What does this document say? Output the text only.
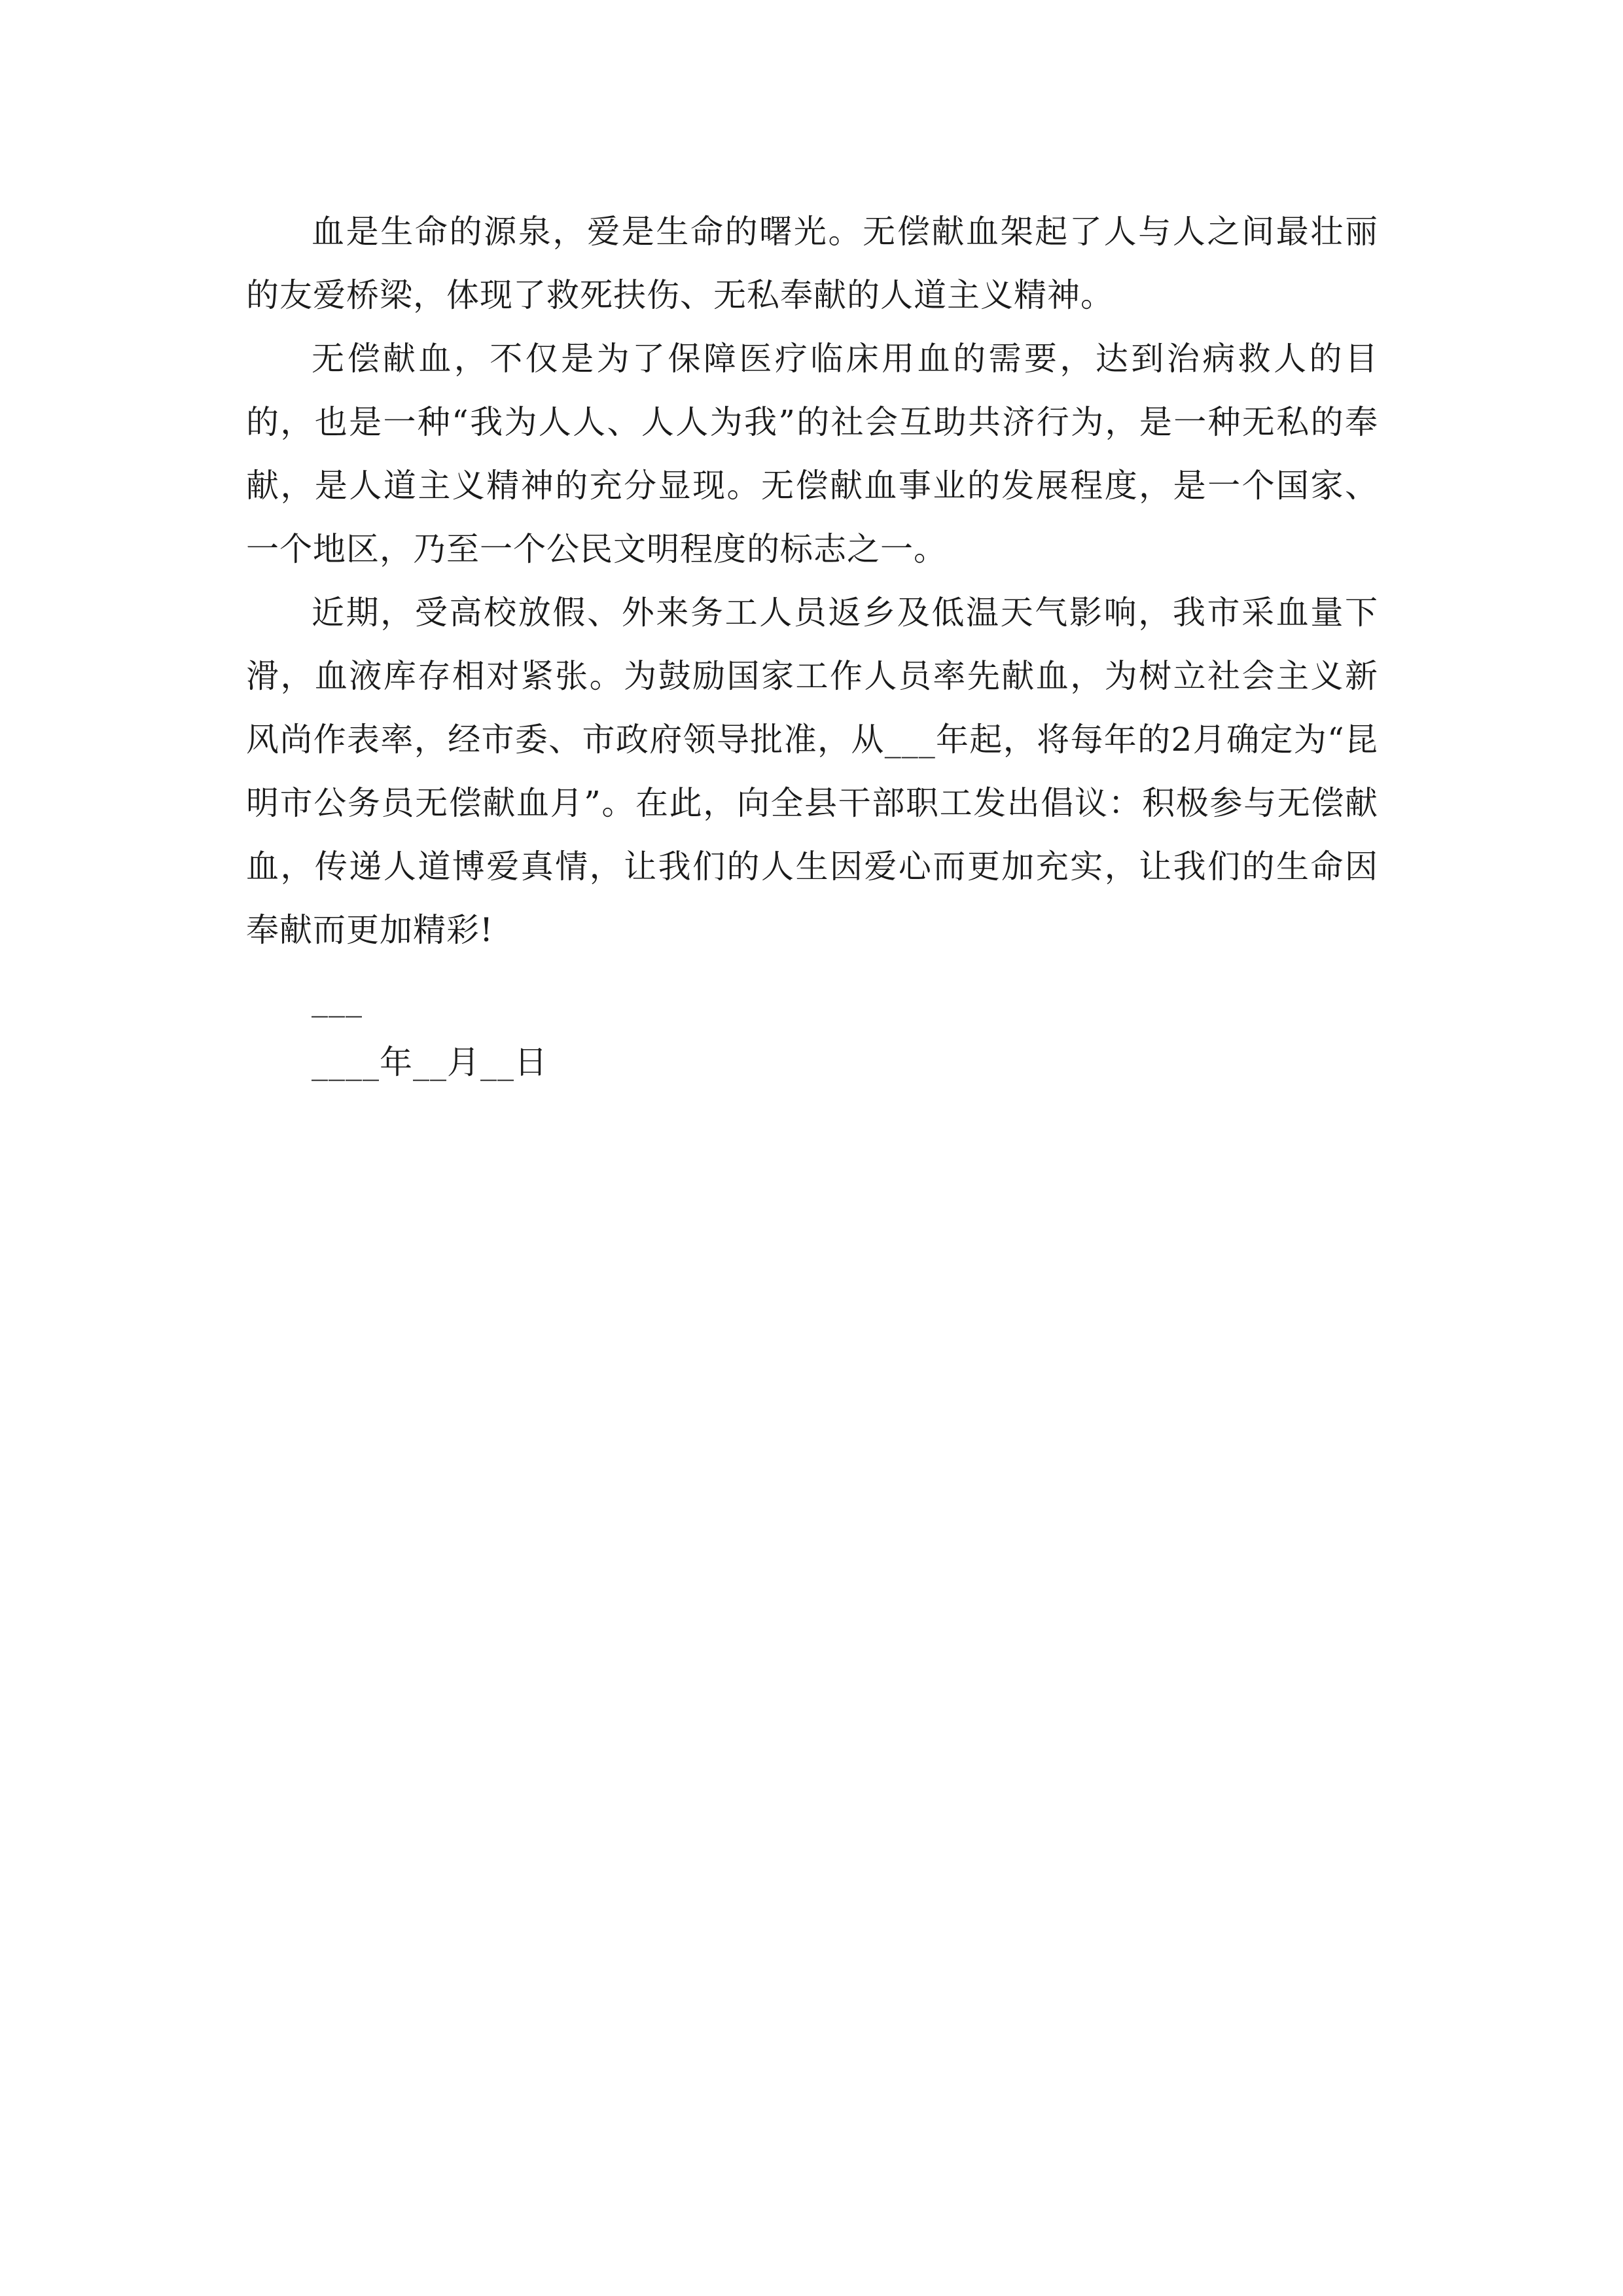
血是生命的源泉，爱是生命的曙光。无偿献血架起了人与人之间最壮丽的友爱桥梁，体现了救死扶伤、无私奉献的人道主义精神。

无偿献血，不仅是为了保障医疗临床用血的需要，达到治病救人的目的，也是一种“我为人人、人人为我”的社会互助共济行为，是一种无私的奉献，是人道主义精神的充分显现。无偿献血事业的发展程度，是一个国家、一个地区，乃至一个公民文明程度的标志之一。

近期，受高校放假、外来务工人员返乡及低温天气影响，我市采血量下滑，血液库存相对紧张。为鼓励国家工作人员率先献血，为树立社会主义新风尚作表率，经市委、市政府领导批准，从___年起，将每年的2月确定为“昆明市公务员无偿献血月”。在此，向全县干部职工发出倡议：积极参与无偿献血，传递人道博爱真情，让我们的人生因爱心而更加充实，让我们的生命因奉献而更加精彩!

___

____年__月__日
